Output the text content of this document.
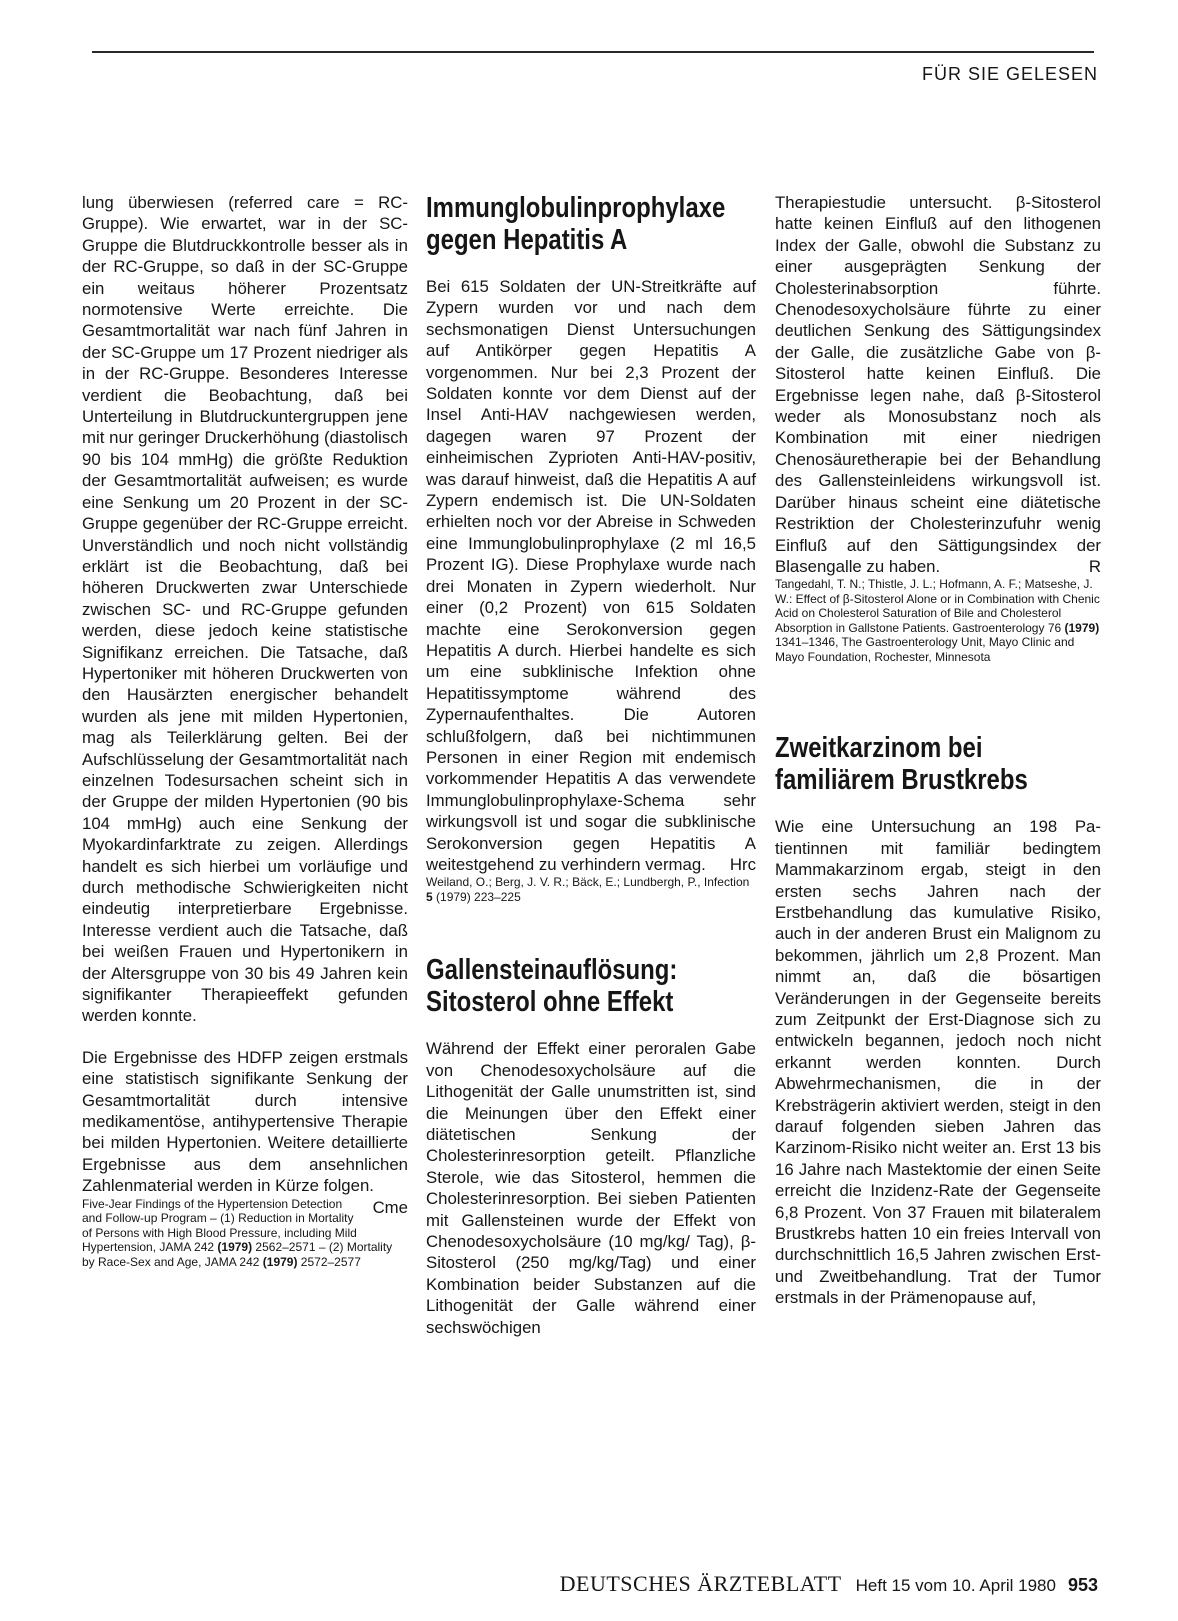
FÜR SIE GELESEN

lung überwiesen (referred care = RC-Gruppe). Wie erwartet, war in der SC-Gruppe die Blutdruckkontrolle besser als in der RC-Gruppe, so daß in der SC-Gruppe ein weitaus höherer Prozentsatz normotensive Werte erreichte. Die Gesamtmortalität war nach fünf Jahren in der SC-Gruppe um 17 Prozent niedriger als in der RC-Gruppe. Besonderes Interesse verdient die Beobachtung, daß bei Unterteilung in Blutdruckuntergruppen jene mit nur geringer Druckerhöhung (diastolisch 90 bis 104 mmHg) die größte Reduktion der Gesamtmortalität aufweisen; es wurde eine Senkung um 20 Prozent in der SC-Gruppe gegenüber der RC-Gruppe erreicht. Unverständlich und noch nicht vollständig erklärt ist die Beobachtung, daß bei höheren Druckwerten zwar Unterschiede zwischen SC- und RC-Gruppe gefunden werden, diese jedoch keine statistische Signifikanz erreichen. Die Tatsache, daß Hypertoniker mit höheren Druckwerten von den Hausärzten energischer behandelt wurden als jene mit milden Hypertonien, mag als Teilerklärung gelten. Bei der Aufschlüsselung der Gesamtmortalität nach einzelnen Todesursachen scheint sich in der Gruppe der milden Hypertonien (90 bis 104 mmHg) auch eine Senkung der Myokardinfarktrate zu zeigen. Allerdings handelt es sich hierbei um vorläufige und durch methodische Schwierigkeiten nicht eindeutig interpretierbare Ergebnisse. Interesse verdient auch die Tatsache, daß bei weißen Frauen und Hypertonikern in der Altersgruppe von 30 bis 49 Jahren kein signifikanter Therapieeffekt gefunden werden konnte.

Die Ergebnisse des HDFP zeigen erstmals eine statistisch signifikante Senkung der Gesamtmortalität durch intensive medikamentöse, antihypertensive Therapie bei milden Hypertonien. Weitere detaillierte Ergebnisse aus dem ansehnlichen Zahlenmaterial werden in Kürze folgen.
Cme

Five-Jear Findings of the Hypertension Detection and Follow-up Program – (1) Reduction in Mortality of Persons with High Blood Pressure, including Mild Hypertension, JAMA 242 (1979) 2562–2571 – (2) Mortality by Race-Sex and Age, JAMA 242 (1979) 2572–2577

Immunglobulinprophylaxe gegen Hepatitis A

Bei 615 Soldaten der UN-Streitkräfte auf Zypern wurden vor und nach dem sechsmonatigen Dienst Untersuchungen auf Antikörper gegen Hepatitis A vorgenommen. Nur bei 2,3 Prozent der Soldaten konnte vor dem Dienst auf der Insel Anti-HAV nachgewiesen werden, dagegen waren 97 Prozent der einheimischen Zyprioten Anti-HAV-positiv, was darauf hinweist, daß die Hepatitis A auf Zypern endemisch ist. Die UN-Soldaten erhielten noch vor der Abreise in Schweden eine Immunglobulinprophylaxe (2 ml 16,5 Prozent IG). Diese Prophylaxe wurde nach drei Monaten in Zypern wiederholt. Nur einer (0,2 Prozent) von 615 Soldaten machte eine Serokonversion gegen Hepatitis A durch. Hierbei handelte es sich um eine subklinische Infektion ohne Hepatitissymptome während des Zypernaufenthaltes. Die Autoren schlußfolgern, daß bei nichtimmunen Personen in einer Region mit endemisch vorkommender Hepatitis A das verwendete Immunglobulinprophylaxe-Schema sehr wirkungsvoll ist und sogar die subklinische Serokonversion gegen Hepatitis A weitestgehend zu verhindern vermag. Hrc

Weiland, O.; Berg, J. V. R.; Bäck, E.; Lundbergh, P., Infection 5 (1979) 223–225

Gallensteinauflösung: Sitosterol ohne Effekt

Während der Effekt einer peroralen Gabe von Chenodesoxycholsäure auf die Lithogenität der Galle unumstritten ist, sind die Meinungen über den Effekt einer diätetischen Senkung der Cholesterinresorption geteilt. Pflanzliche Sterole, wie das Sitosterol, hemmen die Cholesterinresorption. Bei sieben Patienten mit Gallensteinen wurde der Effekt von Chenodesoxycholsäure (10 mg/kg/ Tag), β-Sitosterol (250 mg/kg/Tag) und einer Kombination beider Substanzen auf die Lithogenität der Galle während einer sechswöchigen

Therapiestudie untersucht. β-Sitosterol hatte keinen Einfluß auf den lithogenen Index der Galle, obwohl die Substanz zu einer ausgeprägten Senkung der Cholesterinabsorption führte. Chenodesoxycholsäure führte zu einer deutlichen Senkung des Sättigungsindex der Galle, die zusätzliche Gabe von β-Sitosterol hatte keinen Einfluß. Die Ergebnisse legen nahe, daß β-Sitosterol weder als Monosubstanz noch als Kombination mit einer niedrigen Chenosäuretherapie bei der Behandlung des Gallensteinleidens wirkungsvoll ist. Darüber hinaus scheint eine diätetische Restriktion der Cholesterinzufuhr wenig Einfluß auf den Sättigungsindex der Blasengalle zu haben.	R

Tangedahl, T. N.; Thistle, J. L.; Hofmann, A. F.; Matseshe, J. W.: Effect of β-Sitosterol Alone or in Combination with Chenic Acid on Cholesterol Saturation of Bile and Cholesterol Absorption in Gallstone Patients. Gastroenterology 76 (1979) 1341–1346, The Gastroenterology Unit, Mayo Clinic and Mayo Foundation, Rochester, Minnesota

Zweitkarzinom bei familiärem Brustkrebs

Wie eine Untersuchung an 198 Patientinnen mit familiär bedingtem Mammakarzinom ergab, steigt in den ersten sechs Jahren nach der Erstbehandlung das kumulative Risiko, auch in der anderen Brust ein Malignom zu bekommen, jährlich um 2,8 Prozent. Man nimmt an, daß die bösartigen Veränderungen in der Gegenseite bereits zum Zeitpunkt der Erst-Diagnose sich zu entwickeln begannen, jedoch noch nicht erkannt werden konnten. Durch Abwehrmechanismen, die in der Krebsträgerin aktiviert werden, steigt in den darauf folgenden sieben Jahren das Karzinom-Risiko nicht weiter an. Erst 13 bis 16 Jahre nach Mastektomie der einen Seite erreicht die Inzidenz-Rate der Gegenseite 6,8 Prozent. Von 37 Frauen mit bilateralem Brustkrebs hatten 10 ein freies Intervall von durchschnittlich 16,5 Jahren zwischen Erst- und Zweitbehandlung. Trat der Tumor erstmals in der Prämenopause auf,

DEUTSCHES ÄRZTEBLATT Heft 15 vom 10. April 1980 953
